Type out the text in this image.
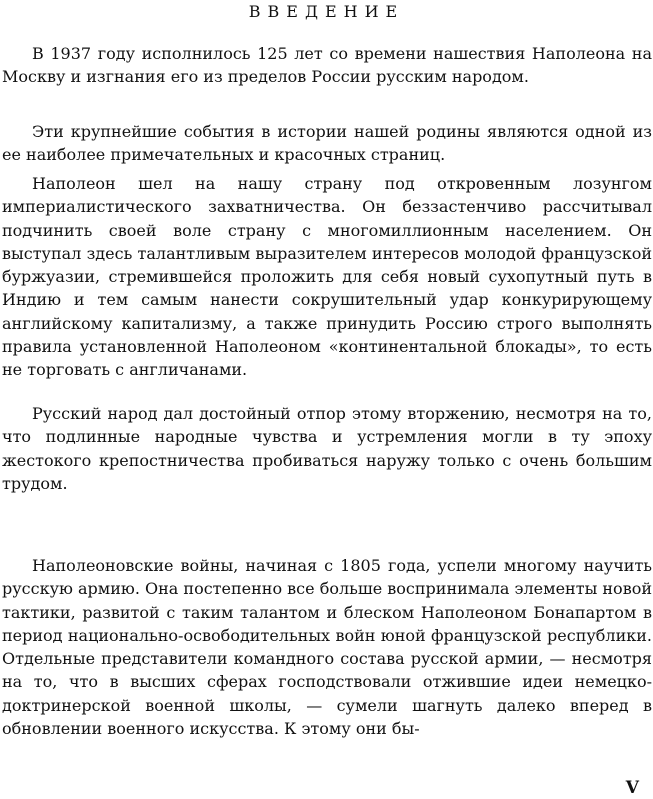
ВВЕДЕНИЕ

В 1937 году исполнилось 125 лет со времени нашествия Наполеона на Москву и изгнания его из пределов России русским народом.

Эти крупнейшие события в истории нашей родины являются одной из ее наиболее примечательных и красочных страниц.

Наполеон шел на нашу страну под откровенным лозунгом империалистического захватничества. Он беззастенчиво рассчитывал подчинить своей воле страну с многомиллионным населением. Он выступал здесь талантливым выразителем интересов молодой французской буржуазии, стремившейся проложить для себя новый сухопутный путь в Индию и тем самым нанести сокрушительный удар конкурирующему английскому капитализму, а также принудить Россию строго выполнять правила установленной Наполеоном «континентальной блокады», то есть не торговать с англичанами.

Русский народ дал достойный отпор этому вторжению, несмотря на то, что подлинные народные чувства и устремления могли в ту эпоху жестокого крепостничества пробиваться наружу только с очень большим трудом.

Наполеоновские войны, начиная с 1805 года, успели многому научить русскую армию. Она постепенно все больше воспринимала элементы новой тактики, развитой с таким талантом и блеском Наполеоном Бонапартом в период национально-освободительных войн юной французской республики. Отдельные представители командного состава русской армии, — несмотря на то, что в высших сферах господствовали отжившие идеи немецко-доктринерской военной школы, — сумели шагнуть далеко вперед в обновлении военного искусства. К этому они бы-

V
